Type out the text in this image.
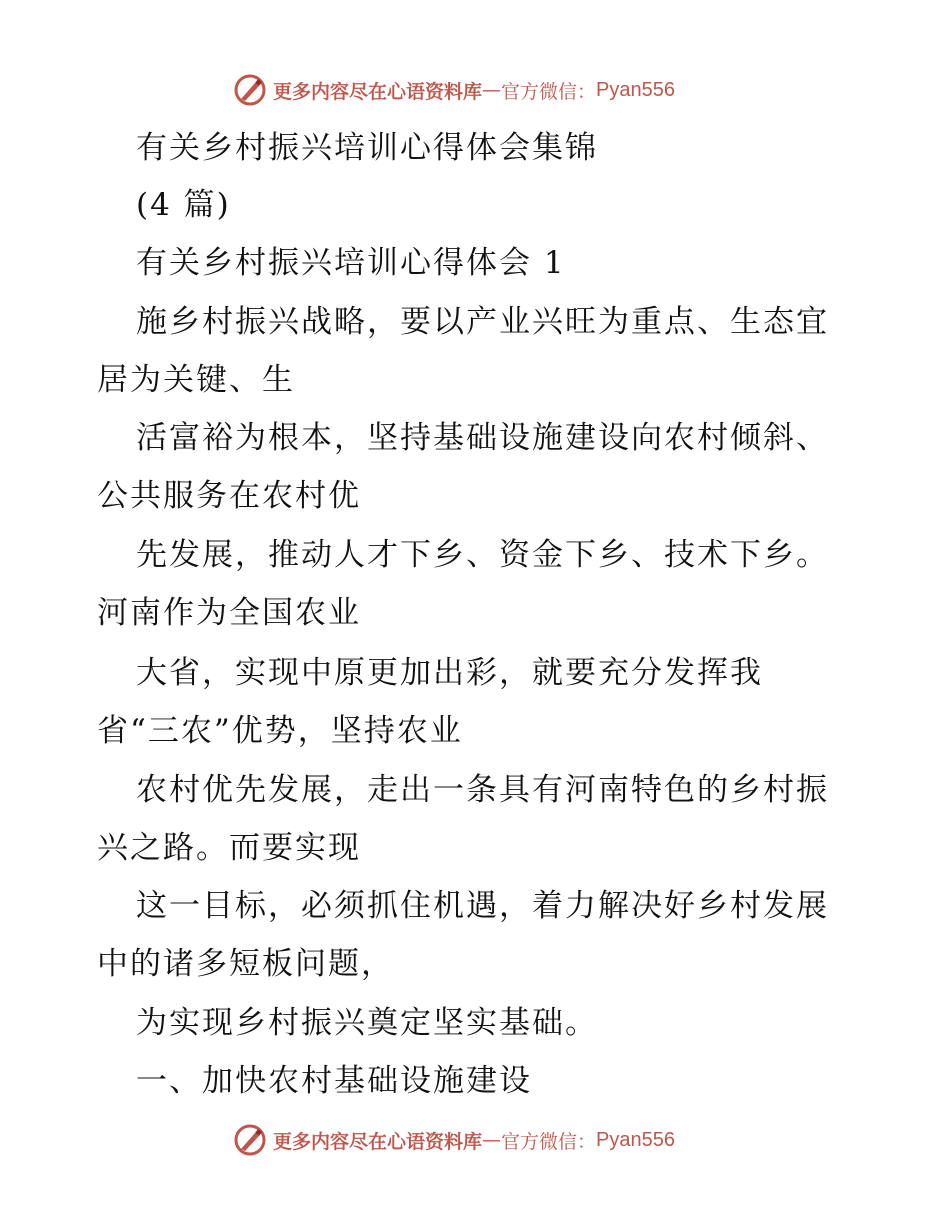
更多内容尽在心语资料库 — 官方微信： Pyan556
有关乡村振兴培训心得体会集锦
(4 篇)
有关乡村振兴培训心得体会 1
施乡村振兴战略，要以产业兴旺为重点、生态宜
居为关键、生
活富裕为根本，坚持基础设施建设向农村倾斜、
公共服务在农村优
先发展，推动人才下乡、资金下乡、技术下乡。
河南作为全国农业
大省，实现中原更加出彩，就要充分发挥我
省“三农”优势，坚持农业
农村优先发展，走出一条具有河南特色的乡村振
兴之路。而要实现
这一目标，必须抓住机遇，着力解决好乡村发展
中的诸多短板问题，
为实现乡村振兴奠定坚实基础。
一、加快农村基础设施建设
更多内容尽在心语资料库 — 官方微信： Pyan556
